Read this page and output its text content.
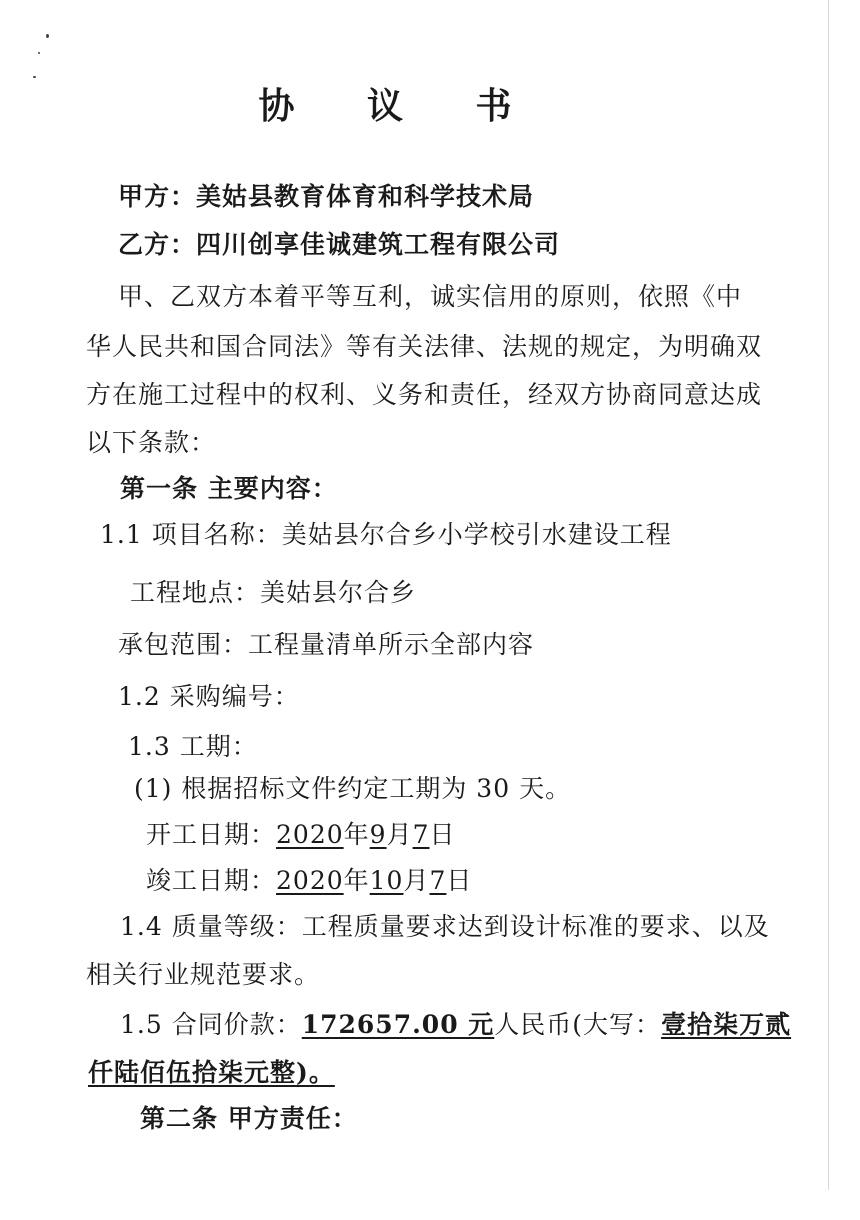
协 议 书
甲方：美姑县教育体育和科学技术局
乙方：四川创享佳诚建筑工程有限公司
甲、乙双方本着平等互利，诚实信用的原则，依照《中
华人民共和国合同法》等有关法律、法规的规定，为明确双
方在施工过程中的权利、义务和责任，经双方协商同意达成
以下条款：
第一条 主要内容：
1.1 项目名称：美姑县尔合乡小学校引水建设工程
工程地点：美姑县尔合乡
承包范围：工程量清单所示全部内容
1.2 采购编号：
1.3 工期：
(1) 根据招标文件约定工期为 30 天。
开工日期：2020年9月7日
竣工日期：2020年10月7日
1.4 质量等级：工程质量要求达到设计标准的要求、以及
相关行业规范要求。
1.5 合同价款：172657.00 元人民币(大写：壹拾柒万贰
仟陆佰伍拾柒元整)。
第二条 甲方责任：
